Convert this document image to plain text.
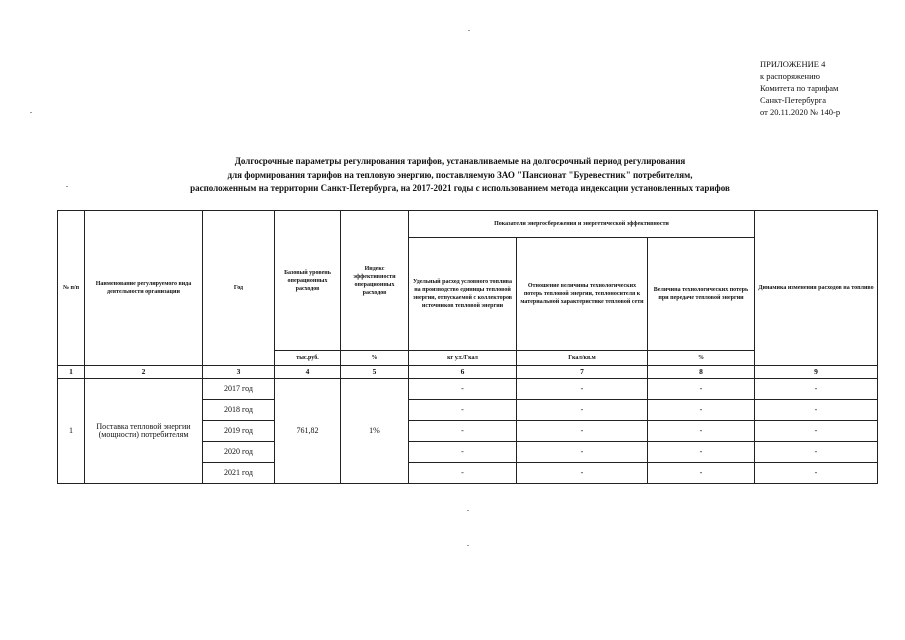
ПРИЛОЖЕНИЕ 4
к распоряжению
Комитета по тарифам
Санкт-Петербурга
от 20.11.2020 № 140-р
Долгосрочные параметры регулирования тарифов, устанавливаемые на долгосрочный период регулирования
для формирования тарифов на тепловую энергию, поставляемую ЗАО "Пансионат "Буревестник" потребителям,
расположенным на территории Санкт-Петербурга, на 2017-2021 годы с использованием метода индексации установленных тарифов
№ п/п	Наименование регулируемого вида деятельности организации	Год	Базовый уровень операционных расходов	Индекс эффективности операционных расходов	Показатели энергосбережения и энергетической эффективности			Динамика изменения расходов на топливо
					Удельный расход условного топлива на производство единицы тепловой энергии, отпускаемой с коллекторов источников тепловой энергии	Отношение величины технологических потерь тепловой энергии, теплоносителя к материальной характеристике тепловой сети	Величина технологических потерь при передаче тепловой энергии	
			тыс.руб.	%	кг у.т./Гкал	Гкал/кв.м	%	
1	2	3	4	5	6	7	8	9
1	Поставка тепловой энергии (мощности) потребителям	2017 год	761,82	1%	-	-	-	-
		2018 год			-	-	-	-
		2019 год			-	-	-	-
		2020 год			-	-	-	-
		2021 год			-	-	-	-
